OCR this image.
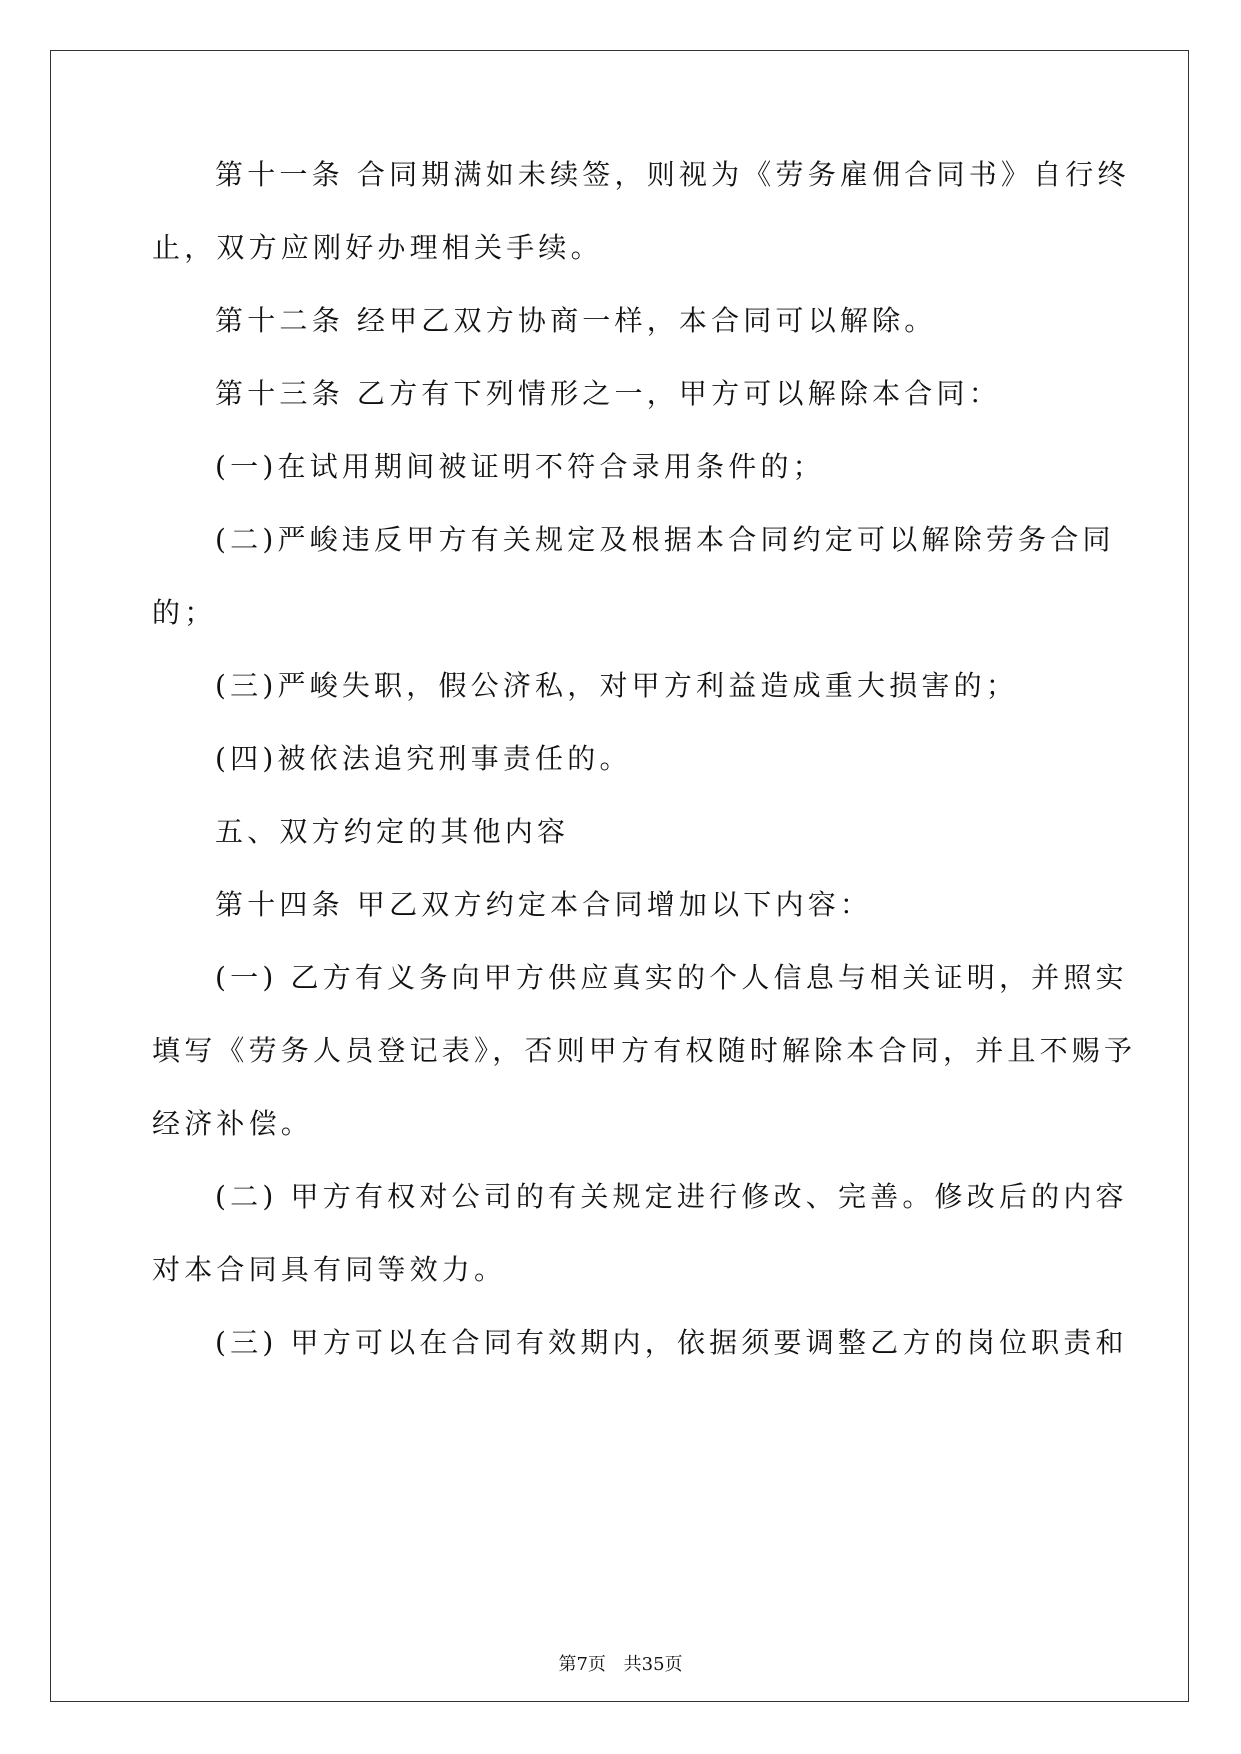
第十一条 合同期满如未续签，则视为《劳务雇佣合同书》自行终
止，双方应刚好办理相关手续。
第十二条 经甲乙双方协商一样，本合同可以解除。
第十三条 乙方有下列情形之一，甲方可以解除本合同：
(一)在试用期间被证明不符合录用条件的；
(二)严峻违反甲方有关规定及根据本合同约定可以解除劳务合同
的；
(三)严峻失职，假公济私，对甲方利益造成重大损害的；
(四)被依法追究刑事责任的。
五、双方约定的其他内容
第十四条 甲乙双方约定本合同增加以下内容：
(一) 乙方有义务向甲方供应真实的个人信息与相关证明，并照实
填写《劳务人员登记表》，否则甲方有权随时解除本合同，并且不赐予
经济补偿。
(二) 甲方有权对公司的有关规定进行修改、完善。修改后的内容
对本合同具有同等效力。
(三) 甲方可以在合同有效期内，依据须要调整乙方的岗位职责和
第7页 共35页
